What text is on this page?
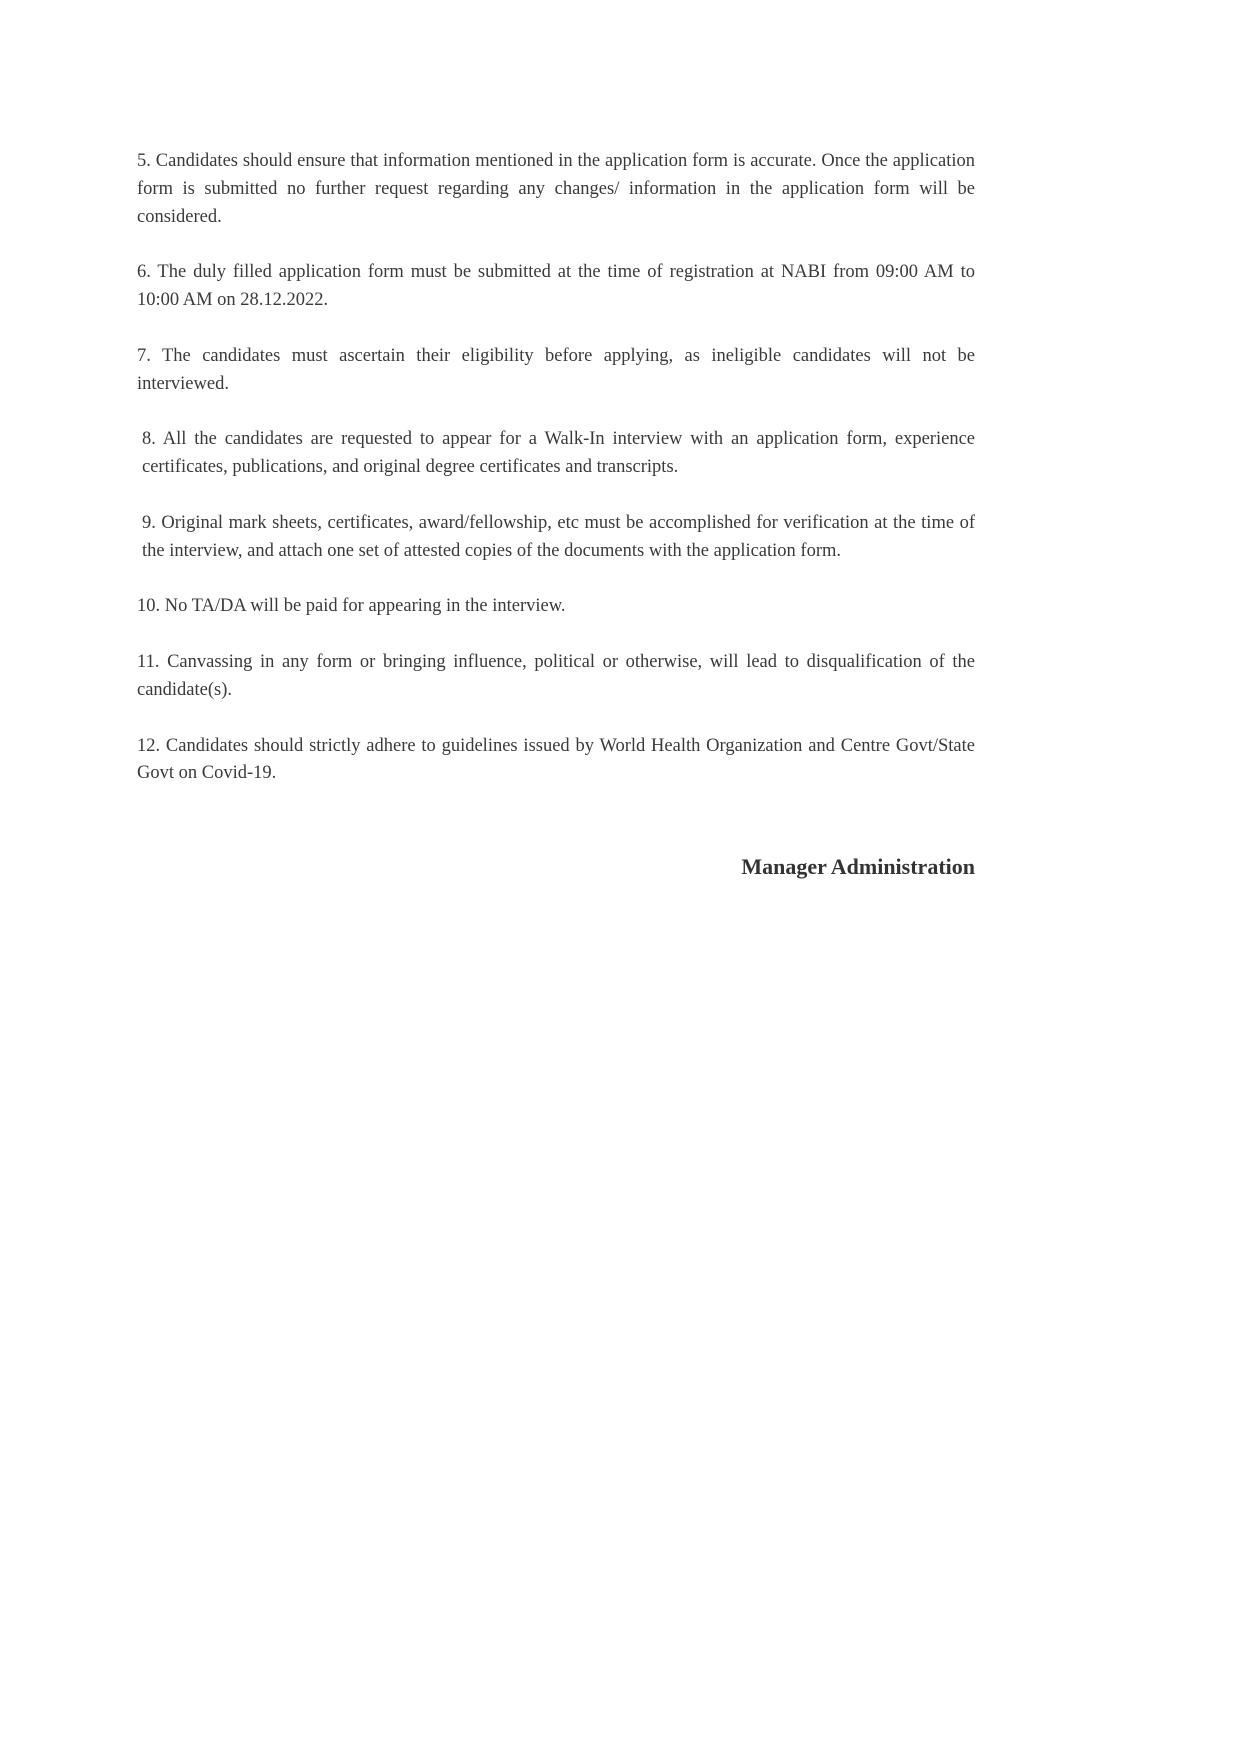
5. Candidates should ensure that information mentioned in the application form is accurate. Once the application form is submitted no further request regarding any changes/ information in the application form will be considered.

6. The duly filled application form must be submitted at the time of registration at NABI from 09:00 AM to 10:00 AM on 28.12.2022.

7. The candidates must ascertain their eligibility before applying, as ineligible candidates will not be interviewed.

8. All the candidates are requested to appear for a Walk-In interview with an application form, experience certificates, publications, and original degree certificates and transcripts.

9. Original mark sheets, certificates, award/fellowship, etc must be accomplished for verification at the time of the interview, and attach one set of attested copies of the documents with the application form.

10. No TA/DA will be paid for appearing in the interview.

11. Canvassing in any form or bringing influence, political or otherwise, will lead to disqualification of the candidate(s).

12. Candidates should strictly adhere to guidelines issued by World Health Organization and Centre Govt/State Govt on Covid-19.

Manager Administration
